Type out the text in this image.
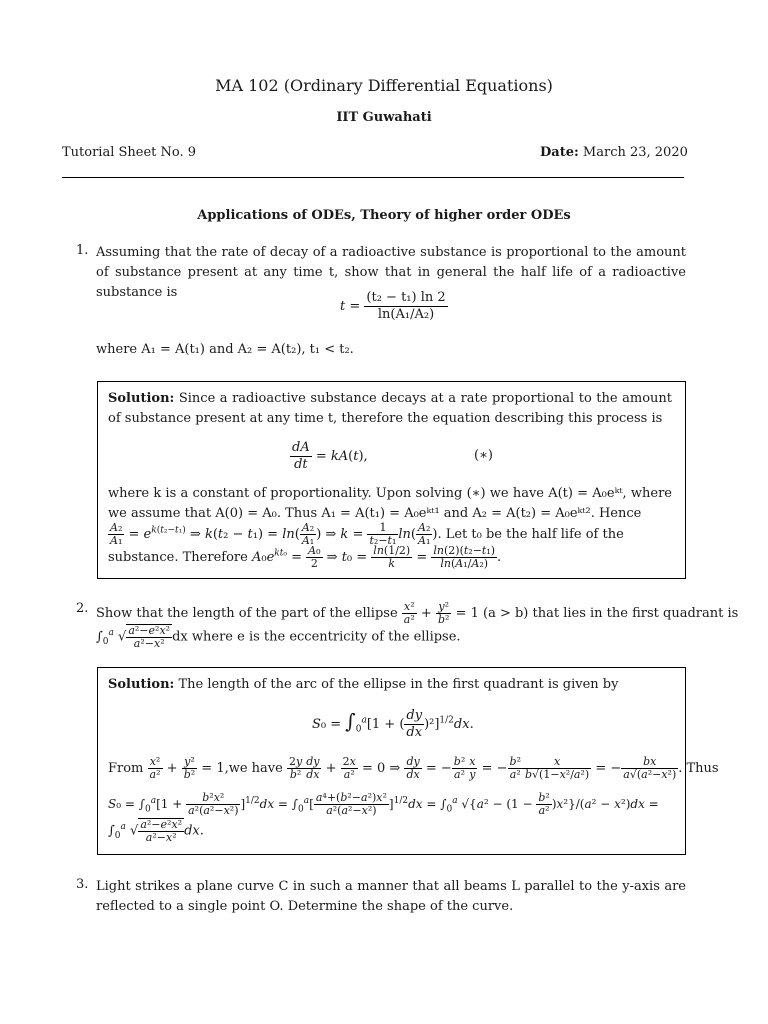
MA 102 (Ordinary Differential Equations)
IIT Guwahati
Tutorial Sheet No. 9	Date: March 23, 2020
Applications of ODEs, Theory of higher order ODEs
1. Assuming that the rate of decay of a radioactive substance is proportional to the amount of substance present at any time t, show that in general the half life of a radioactive substance is
$t = \frac{\text{(t₂ − t₁) ln 2}}{\text{ln(A₁/A₂)}}$
where A₁ = A(t₁) and A₂ = A(t₂), t₁ < t₂.
Solution: Since a radioactive substance decays at a rate proportional to the amount of substance present at any time t, therefore the equation describing this process is
$\frac{dA}{dt} = kA(t)$,	(∗)
where k is a constant of proportionality. Upon solving (∗) we have A(t) = A₀eᵏᵗ, where we assume that A(0) = A₀. Thus A₁ = A(t₁) = A₀eᵏᵗ¹ and A₂ = A(t₂) = A₀eᵏᵗ². Hence
$\frac{\text{A₂}}{\text{A₁}} = e^{k(t_2-t_1)}$ ⇒ $k(t_2 - t_1) = \ln( \frac{\text{A₂}}{\text{A₁}}$ ) ⇒ $k = \frac{1}{\text{t₂−t₁}} \ln( \frac{\text{A₂}}{\text{A₁}}$ ). Let t₀ be the half life of the
substance. Therefore $A_0e^{kt_0} = \frac{\text{A₀}}{2}$ ⇒ $t_0 = \frac{\ln(1/2)}{k} = \frac{\text{ln(2)(t₂−t₁)}}{\text{ln(A₁/A₂)}}$ .
2. Show that the length of the part of the ellipse $\frac{\text{x²}}{\text{a²}} + \frac{\text{y²}}{\text{b²}} = 1$ (a > b) that lies in the first quadrant is
$\int_0^a$ √ $\frac{\text{a²−e²x²}}{\text{a²−x²}}$ dx where e is the eccentricity of the ellipse.
Solution: The length of the arc of the ellipse in the first quadrant is given by
$S_0 = \int_0^a[1$ + ( $\frac{dy}{dx} )^2]^{1/2}dx$.
From $\frac{\text{x²}}{\text{a²}} + \frac{\text{y²}}{\text{b²}} = 1,we$ have $\frac{2y}{\text{b²}} \frac{dy}{dx} + \frac{2x}{\text{a²}} = 0$ ⇒ $\frac{dy}{dx}$ = − $\frac{\text{b²}}{\text{a²}} \frac{x}{y}$ = − $\frac{\text{b²}}{\text{a²}} \frac{x}{\text{b√(1−x²/a²)}}$ = − $\frac{bx}{\text{a√(a²−x²)}}$ . Thus
$S_0 = \int_0^a[1 + \frac{\text{b²x²}}{\text{a²(a²−x²)}} ]^{1/2}dx = \int_0^a[ \frac{\text{a⁴+(b²−a²)x²}}{\text{a²(a²−x²)}} ]^{1/2}dx = \int_0^a$ $√\{a^2 - (1 - \frac{\text{b²}}{\text{a²}} )x^2\}/(a^2 - x^2)dx$ =
$\int_0^a$ √ $\frac{\text{a²−e²x²}}{\text{a²−x²}}$ dx.
3. Light strikes a plane curve C in such a manner that all beams L parallel to the y-axis are reflected to a single point O. Determine the shape of the curve.
